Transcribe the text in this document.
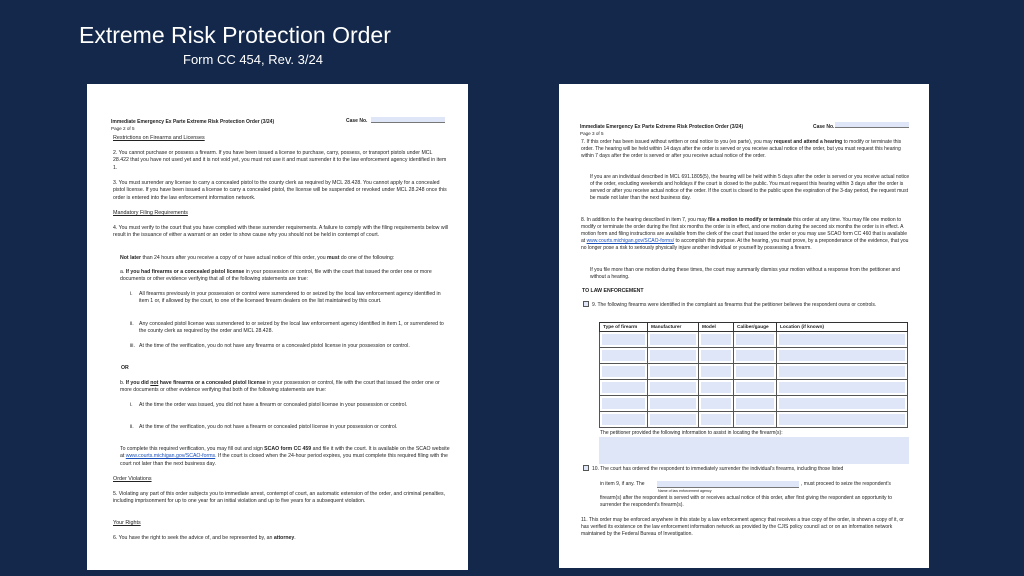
Extreme Risk Protection Order
Form CC 454, Rev. 3/24
Immediate Emergency Ex Parte Extreme Risk Protection Order (3/24)
Page 2 of 5
Case No.
Restrictions on Firearms and Licenses
2. You cannot purchase or possess a firearm. If you have been issued a license to purchase, carry, possess, or transport pistols under MCL 28.422 that you have not used yet and it is not void yet, you must not use it and must surrender it to the law enforcement agency identified in item 1.
3. You must surrender any license to carry a concealed pistol to the county clerk as required by MCL 28.428. You cannot apply for a concealed pistol license. If you have been issued a license to carry a concealed pistol, the license will be suspended or revoked under MCL 28.248 once this order is entered into the law enforcement information network.
Mandatory Filing Requirements
4. You must verify to the court that you have complied with these surrender requirements. A failure to comply with the filing requirements below will result in the issuance of either a warrant or an order to show cause why you should not be held in contempt of court.
Not later than 24 hours after you receive a copy of or have actual notice of this order, you must do one of the following:
a. If you had firearms or a concealed pistol license in your possession or control, file with the court that issued the order one or more documents or other evidence verifying that all of the following statements are true:
i.	All firearms previously in your possession or control were surrendered to or seized by the local law enforcement agency identified in item 1 or, if allowed by the court, to one of the licensed firearm dealers on the list maintained by this court.
ii.	Any concealed pistol license was surrendered to or seized by the local law enforcement agency identified in item 1, or surrendered to the county clerk as required by the order and MCL 28.428.
iii. At the time of the verification, you do not have any firearms or a concealed pistol license in your possession or control.
OR
b. If you did not have firearms or a concealed pistol license in your possession or control, file with the court that issued the order one or more documents or other evidence verifying that both of the following statements are true:
i.	At the time the order was issued, you did not have a firearm or concealed pistol license in your possession or control.
ii.	At the time of the verification, you do not have a firearm or concealed pistol license in your possession or control.
To complete this required verification, you may fill out and sign SCAO form CC 459 and file it with the court. It is available on the SCAO website at www.courts.michigan.gov/SCAO-forms. If the court is closed when the 24-hour period expires, you must complete this required filing with the court not later than the next business day.
Order Violations
5. Violating any part of this order subjects you to immediate arrest, contempt of court, an automatic extension of the order, and criminal penalties, including imprisonment for up to one year for an initial violation and up to five years for a subsequent violation.
Your Rights
6. You have the right to seek the advice of, and be represented by, an attorney.
Immediate Emergency Ex Parte Extreme Risk Protection Order (3/24)
Page 3 of 5
Case No.
7. If this order has been issued without written or oral notice to you (ex parte), you may request and attend a hearing to modify or terminate this order. The hearing will be held within 14 days after the order is served or you receive actual notice of the order, but you must request this hearing within 7 days after the order is served or after you receive actual notice of the order.
If you are an individual described in MCL 691.1805(5), the hearing will be held within 5 days after the order is served or you receive actual notice of the order, excluding weekends and holidays if the court is closed to the public. You must request this hearing within 3 days after the order is served or after you receive actual notice of the order. If the court is closed to the public upon the expiration of the 3-day period, the request must be made not later than the next business day.
8. In addition to the hearing described in item 7, you may file a motion to modify or terminate this order at any time. You may file one motion to modify or terminate the order during the first six months the order is in effect, and one motion during the second six months the order is in effect. A motion form and filing instructions are available from the clerk of the court that issued the order or you may use SCAO form CC 460 that is available at www.courts.michigan.gov/SCAO-forms/ to accomplish this purpose. At the hearing, you must prove, by a preponderance of the evidence, that you no longer pose a risk to seriously physically injure another individual or yourself by possessing a firearm.
If you file more than one motion during these times, the court may summarily dismiss your motion without a response from the petitioner and without a hearing.
TO LAW ENFORCEMENT
9. The following firearms were identified in the complaint as firearms that the petitioner believes the respondent owns or controls.
Type of firearm	Manufacturer	Model	Caliber/gauge	Location (if known)

The petitioner provided the following information to assist in locating the firearm(s):
10. The court has ordered the respondent to immediately surrender the individual's firearms, including those listed
in item 9, if any. The
Name of law enforcement agency
, must proceed to seize the respondent's
firearm(s) after the respondent is served with or receives actual notice of this order, after first giving the respondent an opportunity to surrender the respondent's firearm(s).
11. This order may be enforced anywhere in this state by a law enforcement agency that receives a true copy of the order, is shown a copy of it, or has verified its existence on the law enforcement information network as provided by the CJIS policy council act or on an information network maintained by the Federal Bureau of Investigation.
